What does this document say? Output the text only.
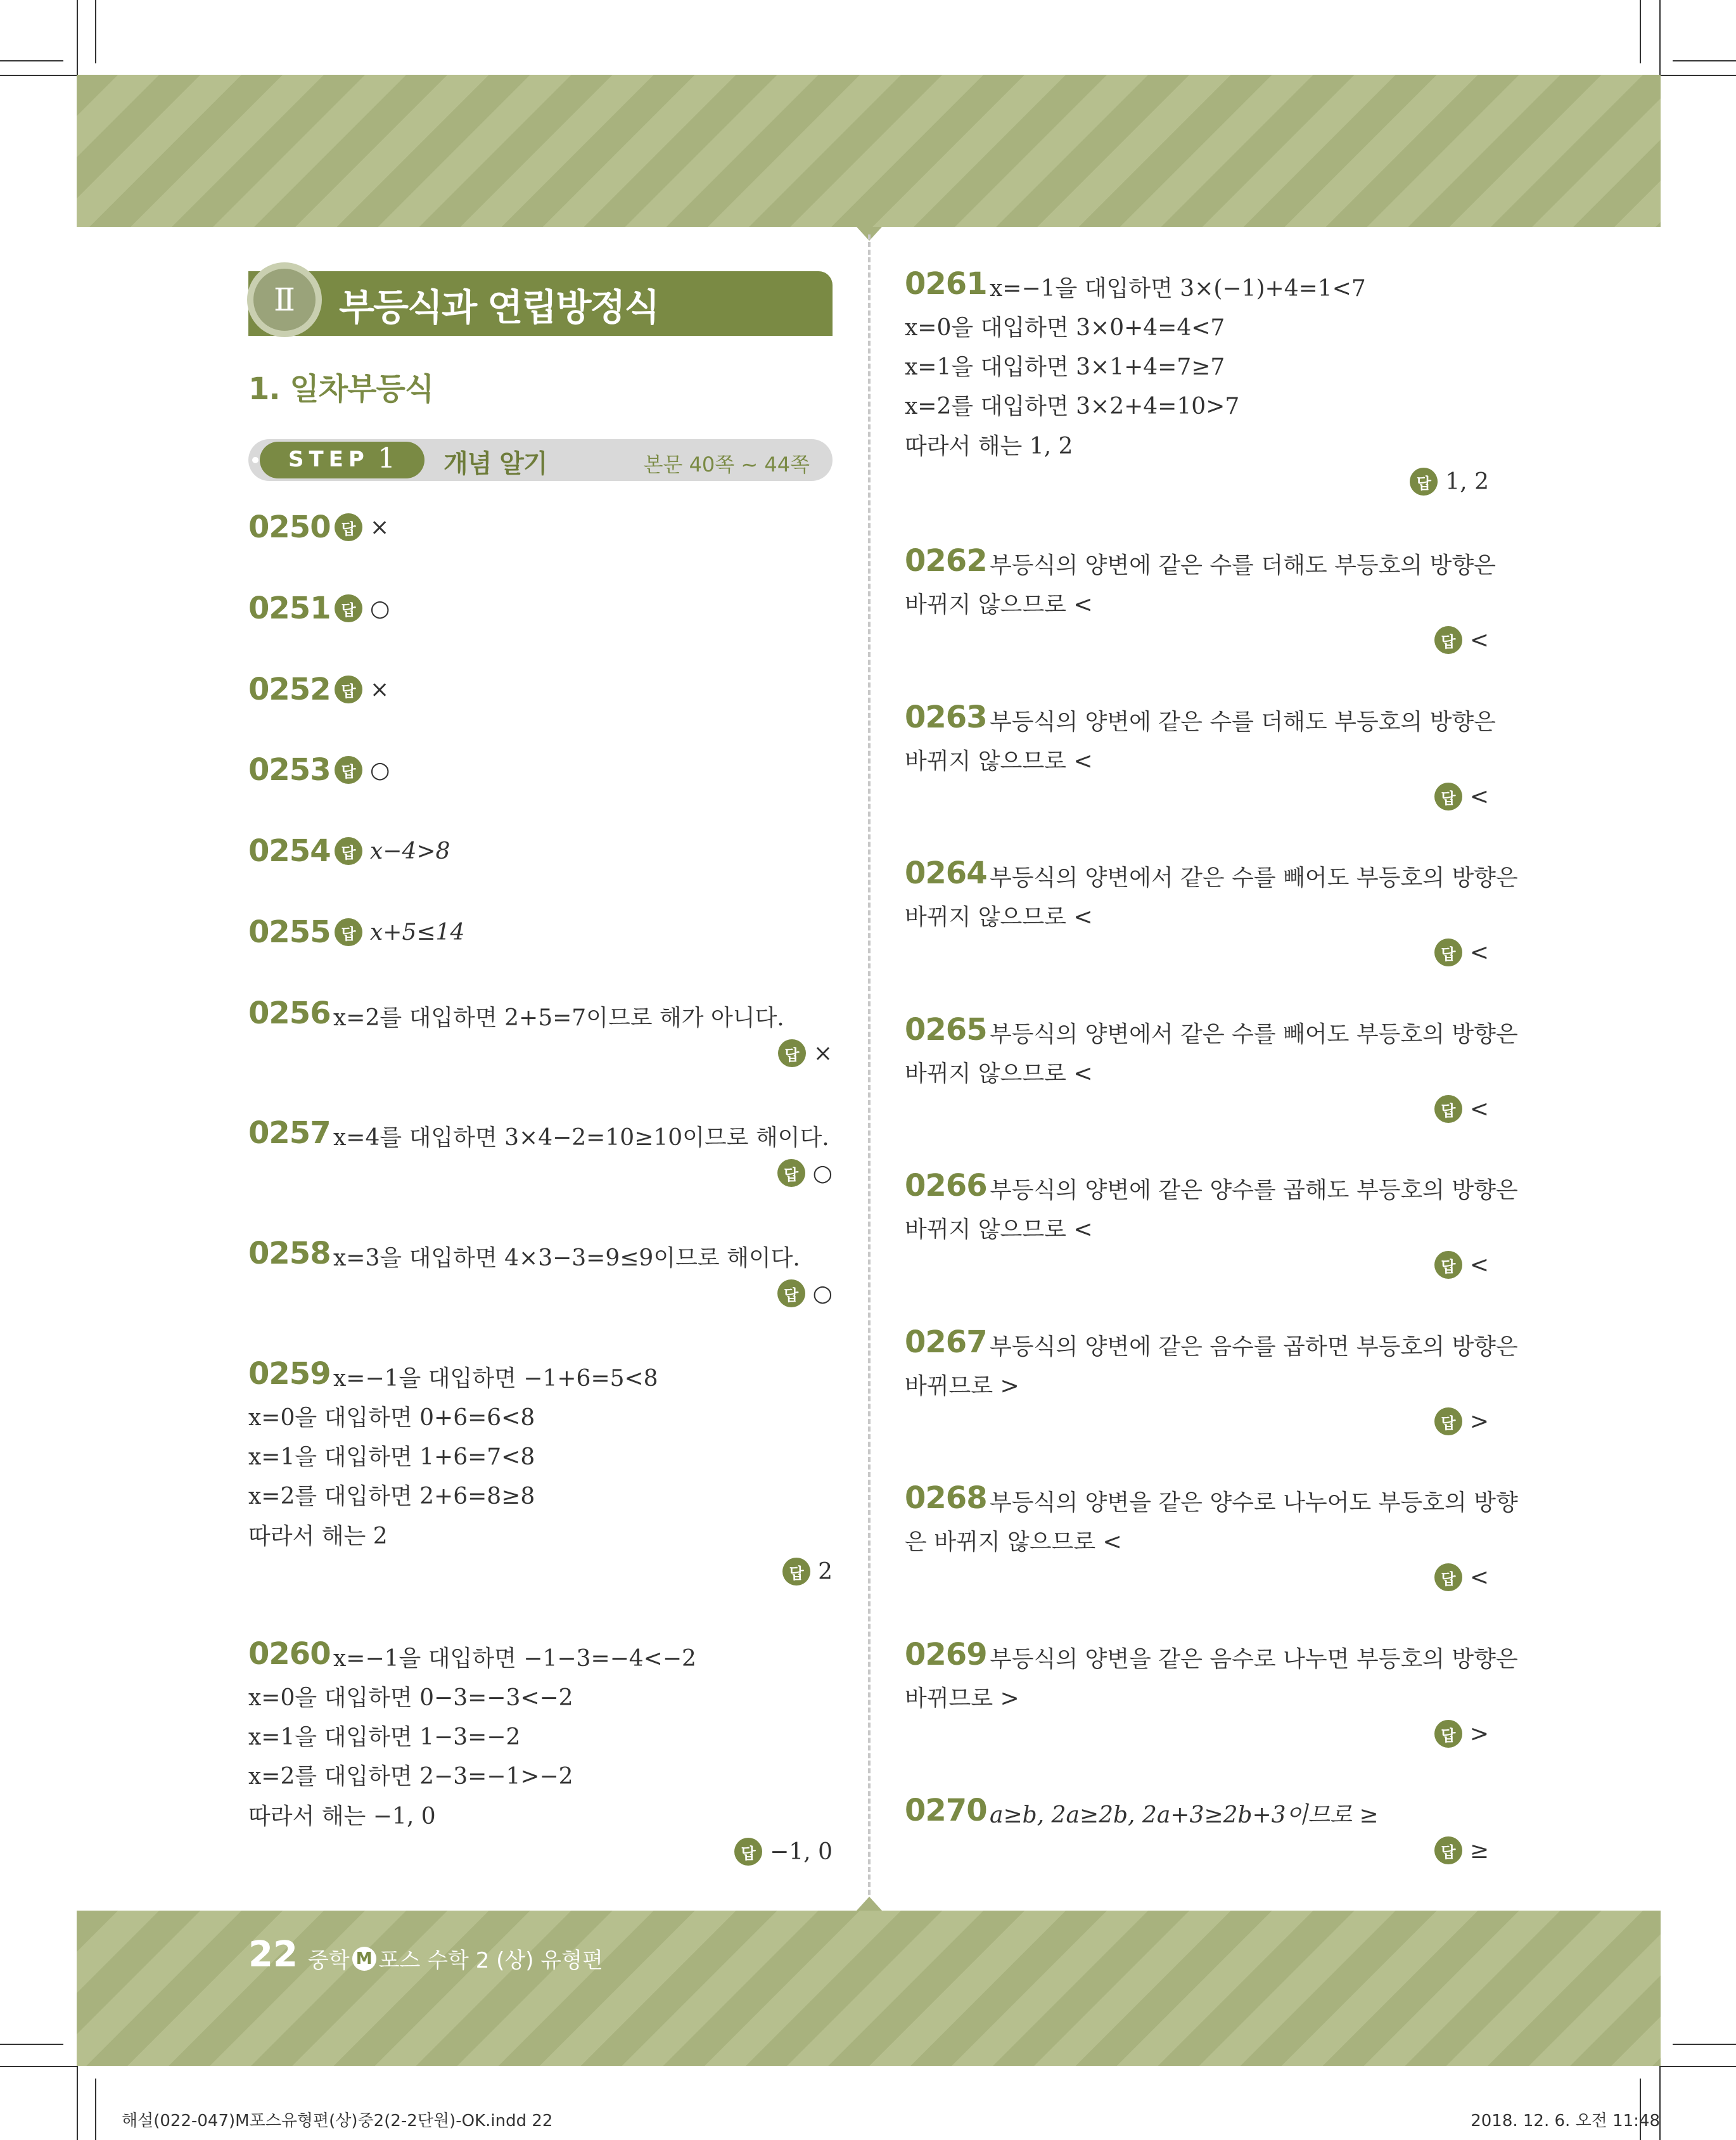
Ⅱ 부등식과 연립방정식
1. 일차부등식
STEP 1 개념 알기	본문 40쪽 ~ 44쪽
0250 답 ×
0251 답 ○
0252 답 ×
0253 답 ○
0254 답 x−4>8
0255 답 x+5≤14
0256 x=2를 대입하면 2+5=7이므로 해가 아니다.
답 ×
0257 x=4를 대입하면 3×4−2=10≥10이므로 해이다.
답 ○
0258 x=3을 대입하면 4×3−3=9≤9이므로 해이다.
답 ○
0259 x=−1을 대입하면 −1+6=5<8
x=0을 대입하면 0+6=6<8
x=1을 대입하면 1+6=7<8
x=2를 대입하면 2+6=8≥8
따라서 해는 2
답 2
0260 x=−1을 대입하면 −1−3=−4<−2
x=0을 대입하면 0−3=−3<−2
x=1을 대입하면 1−3=−2
x=2를 대입하면 2−3=−1>−2
따라서 해는 −1, 0
답 −1, 0
0261 x=−1을 대입하면 3×(−1)+4=1<7
x=0을 대입하면 3×0+4=4<7
x=1을 대입하면 3×1+4=7≥7
x=2를 대입하면 3×2+4=10>7
따라서 해는 1, 2
답 1, 2
0262 부등식의 양변에 같은 수를 더해도 부등호의 방향은
바뀌지 않으므로 <
답 <
0263 부등식의 양변에 같은 수를 더해도 부등호의 방향은
바뀌지 않으므로 <
답 <
0264 부등식의 양변에서 같은 수를 빼어도 부등호의 방향은
바뀌지 않으므로 <
답 <
0265 부등식의 양변에서 같은 수를 빼어도 부등호의 방향은
바뀌지 않으므로 <
답 <
0266 부등식의 양변에 같은 양수를 곱해도 부등호의 방향은
바뀌지 않으므로 <
답 <
0267 부등식의 양변에 같은 음수를 곱하면 부등호의 방향은
바뀌므로 >
답 >
0268 부등식의 양변을 같은 양수로 나누어도 부등호의 방향
은 바뀌지 않으므로 <
답 <
0269 부등식의 양변을 같은 음수로 나누면 부등호의 방향은
바뀌므로 >
답 >
0270 a≥b, 2a≥2b, 2a+3≥2b+3이므로 ≥
답 ≥
22 중학 M 포스 수학 2 (상) 유형편
해설(022-047)M포스유형편(상)중2(2-2단원)-OK.indd 22	2018. 12. 6. 오전 11:48
